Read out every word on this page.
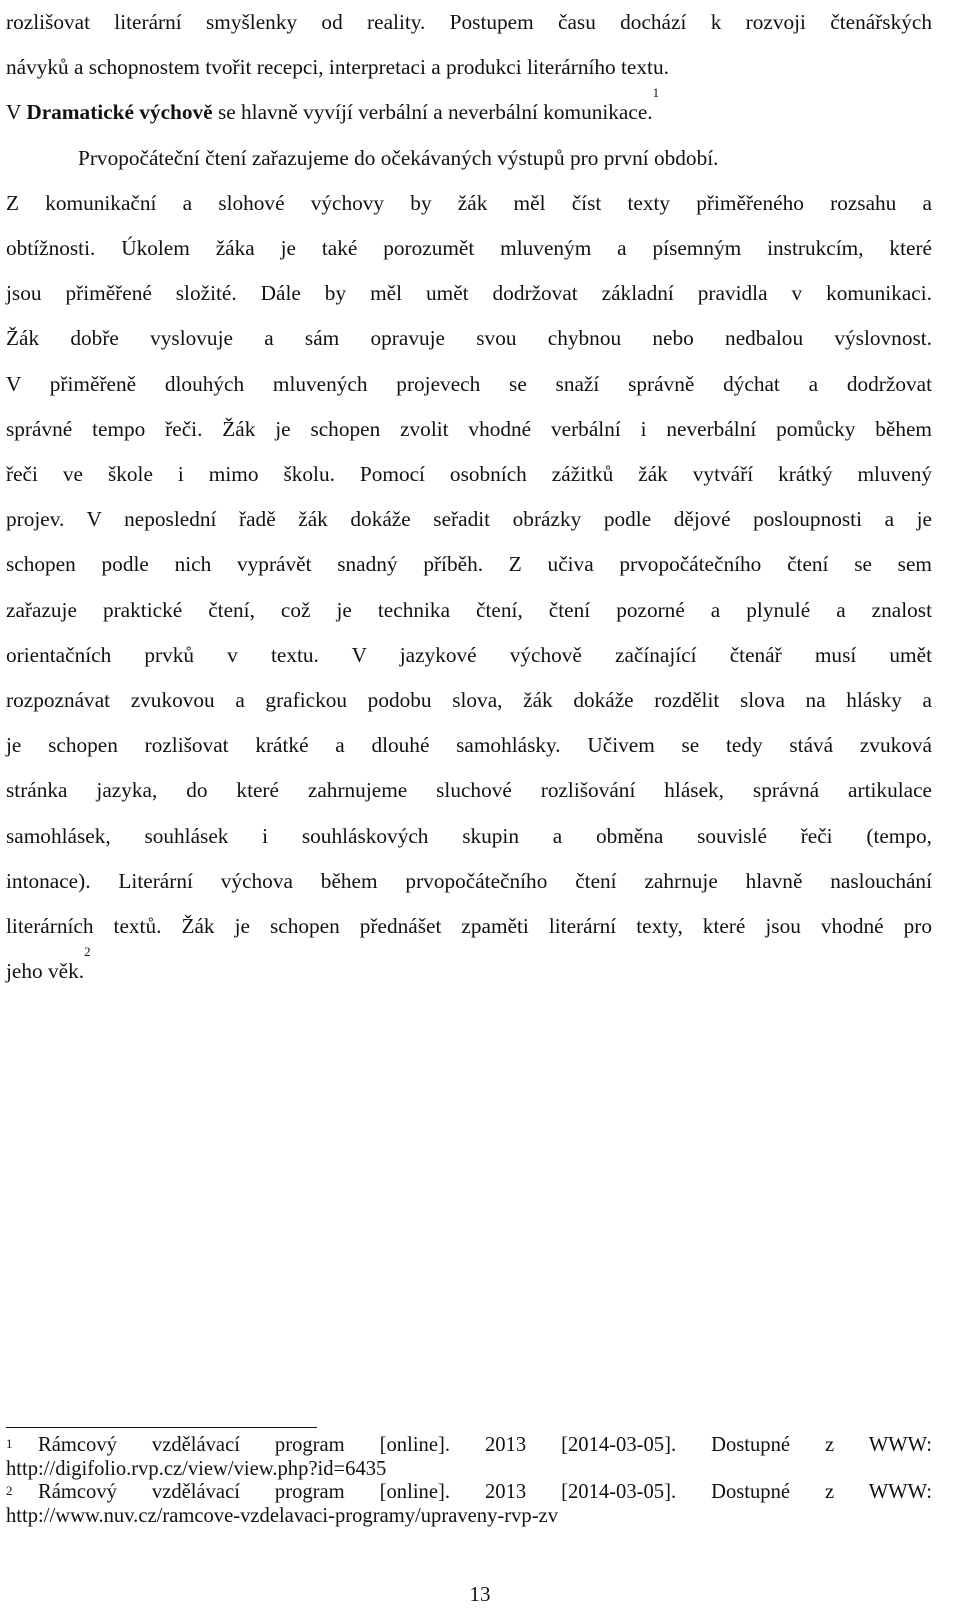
rozlišovat literární smyšlenky od reality. Postupem času dochází k rozvoji čtenářských
návyků a schopnostem tvořit recepci, interpretaci a produkci literárního textu.
V Dramatické výchově se hlavně vyvíjí verbální a neverbální komunikace.$^1$

Prvopočáteční čtení zařazujeme do očekávaných výstupů pro první období.
Z komunikační a slohové výchovy by žák měl číst texty přiměřeného rozsahu a
obtížnosti. Úkolem žáka je také porozumět mluveným a písemným instrukcím, které
jsou přiměřené složité. Dále by měl umět dodržovat základní pravidla v komunikaci.
Žák dobře vyslovuje a sám opravuje svou chybnou nebo nedbalou výslovnost.
V přiměřeně dlouhých mluvených projevech se snaží správně dýchat a dodržovat
správné tempo řeči. Žák je schopen zvolit vhodné verbální i neverbální pomůcky během
řeči ve škole i mimo školu. Pomocí osobních zážitků žák vytváří krátký mluvený
projev. V neposlední řadě žák dokáže seřadit obrázky podle dějové posloupnosti a je
schopen podle nich vyprávět snadný příběh. Z učiva prvopočátečního čtení se sem
zařazuje praktické čtení, což je technika čtení, čtení pozorné a plynulé a znalost
orientačních prvků v textu. V jazykové výchově začínající čtenář musí umět
rozpoznávat zvukovou a grafickou podobu slova, žák dokáže rozdělit slova na hlásky a
je schopen rozlišovat krátké a dlouhé samohlásky. Učivem se tedy stává zvuková
stránka jazyka, do které zahrnujeme sluchové rozlišování hlásek, správná artikulace
samohlásek, souhlásek i souhláskových skupin a obměna souvislé řeči (tempo,
intonace). Literární výchova během prvopočátečního čtení zahrnuje hlavně naslouchání
literárních textů. Žák je schopen přednášet zpaměti literární texty, které jsou vhodné pro
jeho věk.$^2$

1 Rámcový vzdělávací program [online]. 2013 [2014-03-05]. Dostupné z WWW:
http://digifolio.rvp.cz/view/view.php?id=6435
2 Rámcový vzdělávací program [online]. 2013 [2014-03-05]. Dostupné z WWW:
http://www.nuv.cz/ramcove-vzdelavaci-programy/upraveny-rvp-zv
13
